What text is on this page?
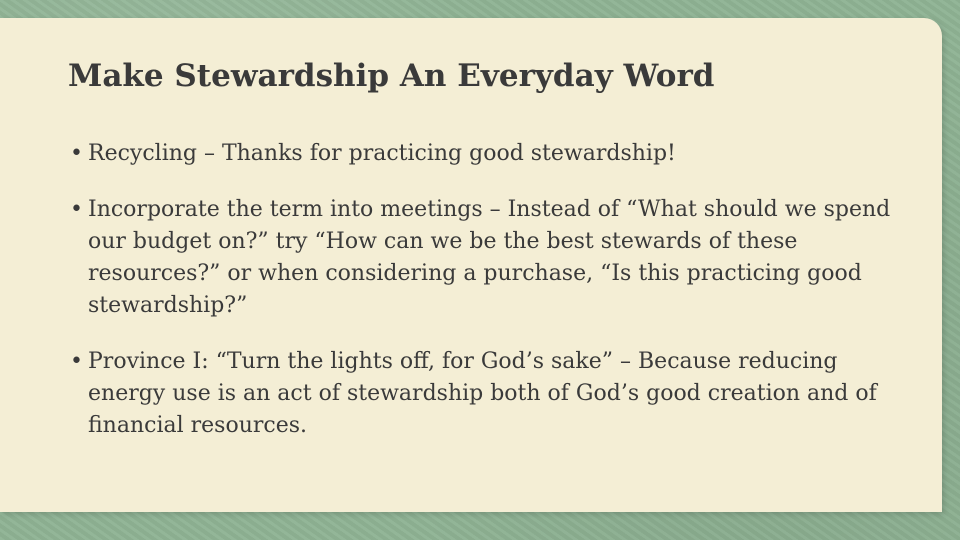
Make Stewardship An Everyday Word
• Recycling – Thanks for practicing good stewardship!
• Incorporate the term into meetings – Instead of “What should we spend our budget on?” try “How can we be the best stewards of these resources?” or when considering a purchase, “Is this practicing good stewardship?”
• Province I: “Turn the lights off, for God’s sake” – Because reducing energy use is an act of stewardship both of God’s good creation and of financial resources.
